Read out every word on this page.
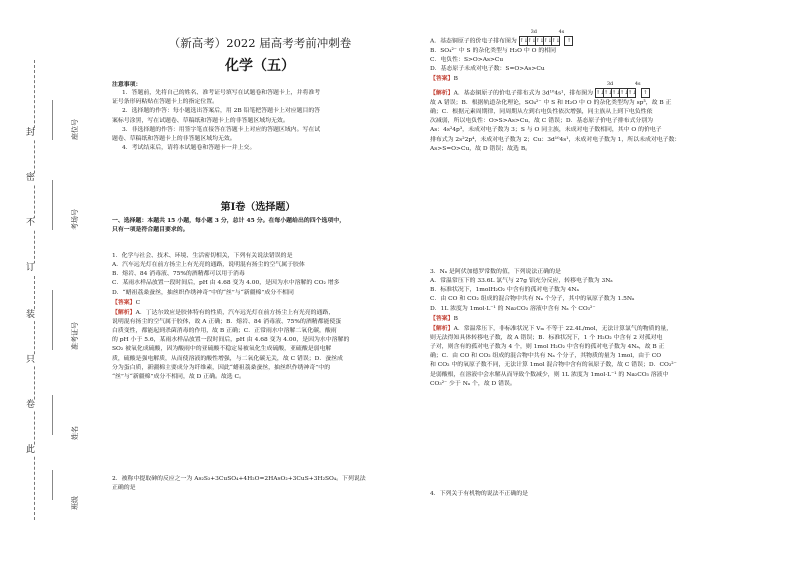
封
密
不
订
装
只
卷
此
座位号
考场号
准考证号
姓名
班级
（新高考）2022 届高考考前冲刺卷
化学（五）
注意事项：
1．答题前，先将自己的姓名、准考证号填写在试题卷和答题卡上，并将准考
证号条形码粘贴在答题卡上的指定位置。
2．选择题的作答：每小题选出答案后，用 2B 铅笔把答题卡上对应题目的答
案标号涂黑，写在试题卷、草稿纸和答题卡上的非答题区域均无效。
3．非选择题的作答：用签字笔直接答在答题卡上对应的答题区域内。写在试
题卷、草稿纸和答题卡上的非答题区域均无效。
4．考试结束后，请将本试题卷和答题卡一并上交。
第Ⅰ卷（选择题）
一、选择题：本题共 15 小题，每小题 3 分，总计 45 分。在每小题给出的四个选项中，
只有一项是符合题目要求的。
1．化学与社会、技术、环境、生活密切相关，下列有关说法错误的是
A．汽车远光灯在前方扬尘上有光亮的通路，说明混有扬尘的空气属于胶体
B．熔岩、84 消毒液、75%的酒精都可以用于消毒
C．某雨水样品放置一段时间后，pH 由 4.68 变为 4.00，是因为水中溶解的 CO₂ 增多
D．“蜡祖荔桑蚕丝，抽丝织作绣神奇”中的“丝”与“新疆棉”成分不相同
【答案】C
【解析】A．丁达尔效应是胶体特有的性质，汽车远光灯在前方扬尘上有光亮的通路，
说明混有扬尘的空气属于胶体，故 A 正确；B．熔岩、84 消毒液、75%的酒精都能使蛋
白质变性，都能起到杀菌消毒的作用，故 B 正确；C．正常雨水中溶解二氧化碳，酸雨
的 pH 小于 5.6，某雨水样品放置一段时间后，pH 由 4.68 变为 4.00，是因为水中溶解的
SO₂ 被氧化成硫酸，因为酸雨中的亚硫酸不稳定易被氧化生成硫酸，亚硫酸是弱电解
质，硫酸是强电解质，从而使溶液的酸性增强，与二氧化碳无关，故 C 错误；D．蚕丝成
分为蛋白质，新疆棉主要成分为纤维素，因此“蜡祖荔桑蚕丝，抽丝织作绣神奇”中的
“丝”与“新疆棉”成分不相同，故 D 正确。故选 C。
2．被称中提取砷的反应之一为 As₂S₃+3CuSO₄+4H₂O=2HAsO₂+3CuS+3H₂SO₄。下列说法
正确的是
A．基态铜原子的价电子排布图为
3d	4s
↑↓↑↓↑↓↑↓↑↓ ↑
B．SO₄²⁻ 中 S 的杂化类型与 H₂O 中 O 的相同
C．电负性：S>O>As>Cu
D．基态原子未成对电子数：S=O>As>Cu
【答案】B
【解析】A．基态铜原子的价电子排布式为 3d¹⁰4s¹，排布图为
3d	4s
↑↓↑↓↑↓↑↓↑↓ ↑
故 A 错误；B．根据轨道杂化理论，SO₄²⁻ 中 S 和 H₂O 中 O 的杂化类型均为 sp³，故 B 正
确；C．根据元素周期律，同周期从左到右电负性依次增强，同主族从上到下电负性依
次减弱，所以电负性：O>S>As>Cu，故 C 错误；D．基态原子价电子排布式分别为
As：4s²4p³，未成对电子数为 3；S 与 O 同主族，未成对电子数相同，其中 O 的价电子
排布式为 2s²2p⁴，未成对电子数为 2；Cu：3d¹⁰4s¹，未成对电子数为 1，所以未成对电子数：
As>S=O>Cu，故 D 错误；故选 B。
3．Nₐ 是阿伏加德罗常数的值，下列说法正确的是
A．常温常压下的 33.6L 氯气与 27g 铝充分反应，转移电子数为 3Nₐ
B．标准状况下，1molH₂O₂ 中含有的孤对电子数为 4Nₐ
C．由 CO 和 CO₂ 组成的混合物中共有 Nₐ 个分子，其中的氧原子数为 1.5Nₐ
D．1L 浓度为 1mol·L⁻¹ 的 Na₂CO₃ 溶液中含有 Nₐ 个 CO₃²⁻
【答案】B
【解析】A．常温常压下，非标准状况下 Vₘ 不等于 22.4L/mol，无法计算氯气的物质的量，
则无法得知具体转移电子数，故 A 错误；B．标准状况下，1 个 H₂O₂ 中含有 2 对孤对电
子对，则含有的孤对电子数为 4 个，则 1mol H₂O₂ 中含有的孤对电子数为 4Nₐ，故 B 正
确；C．由 CO 和 CO₂ 组成的混合物中共有 Nₐ 个分子，其物质的量为 1mol，由于 CO
和 CO₂ 中的氧原子数不同，无法计算 1mol 混合物中含有的氧原子数，故 C 错误；D．CO₃²⁻
是弱酸根，在溶液中会水解从而导致个数减少，则 1L 浓度为 1mol·L⁻¹ 的 Na₂CO₃ 溶液中
CO₃²⁻ 少于 Nₐ 个，故 D 错误。
4．下列关于有机物的说法不正确的是
